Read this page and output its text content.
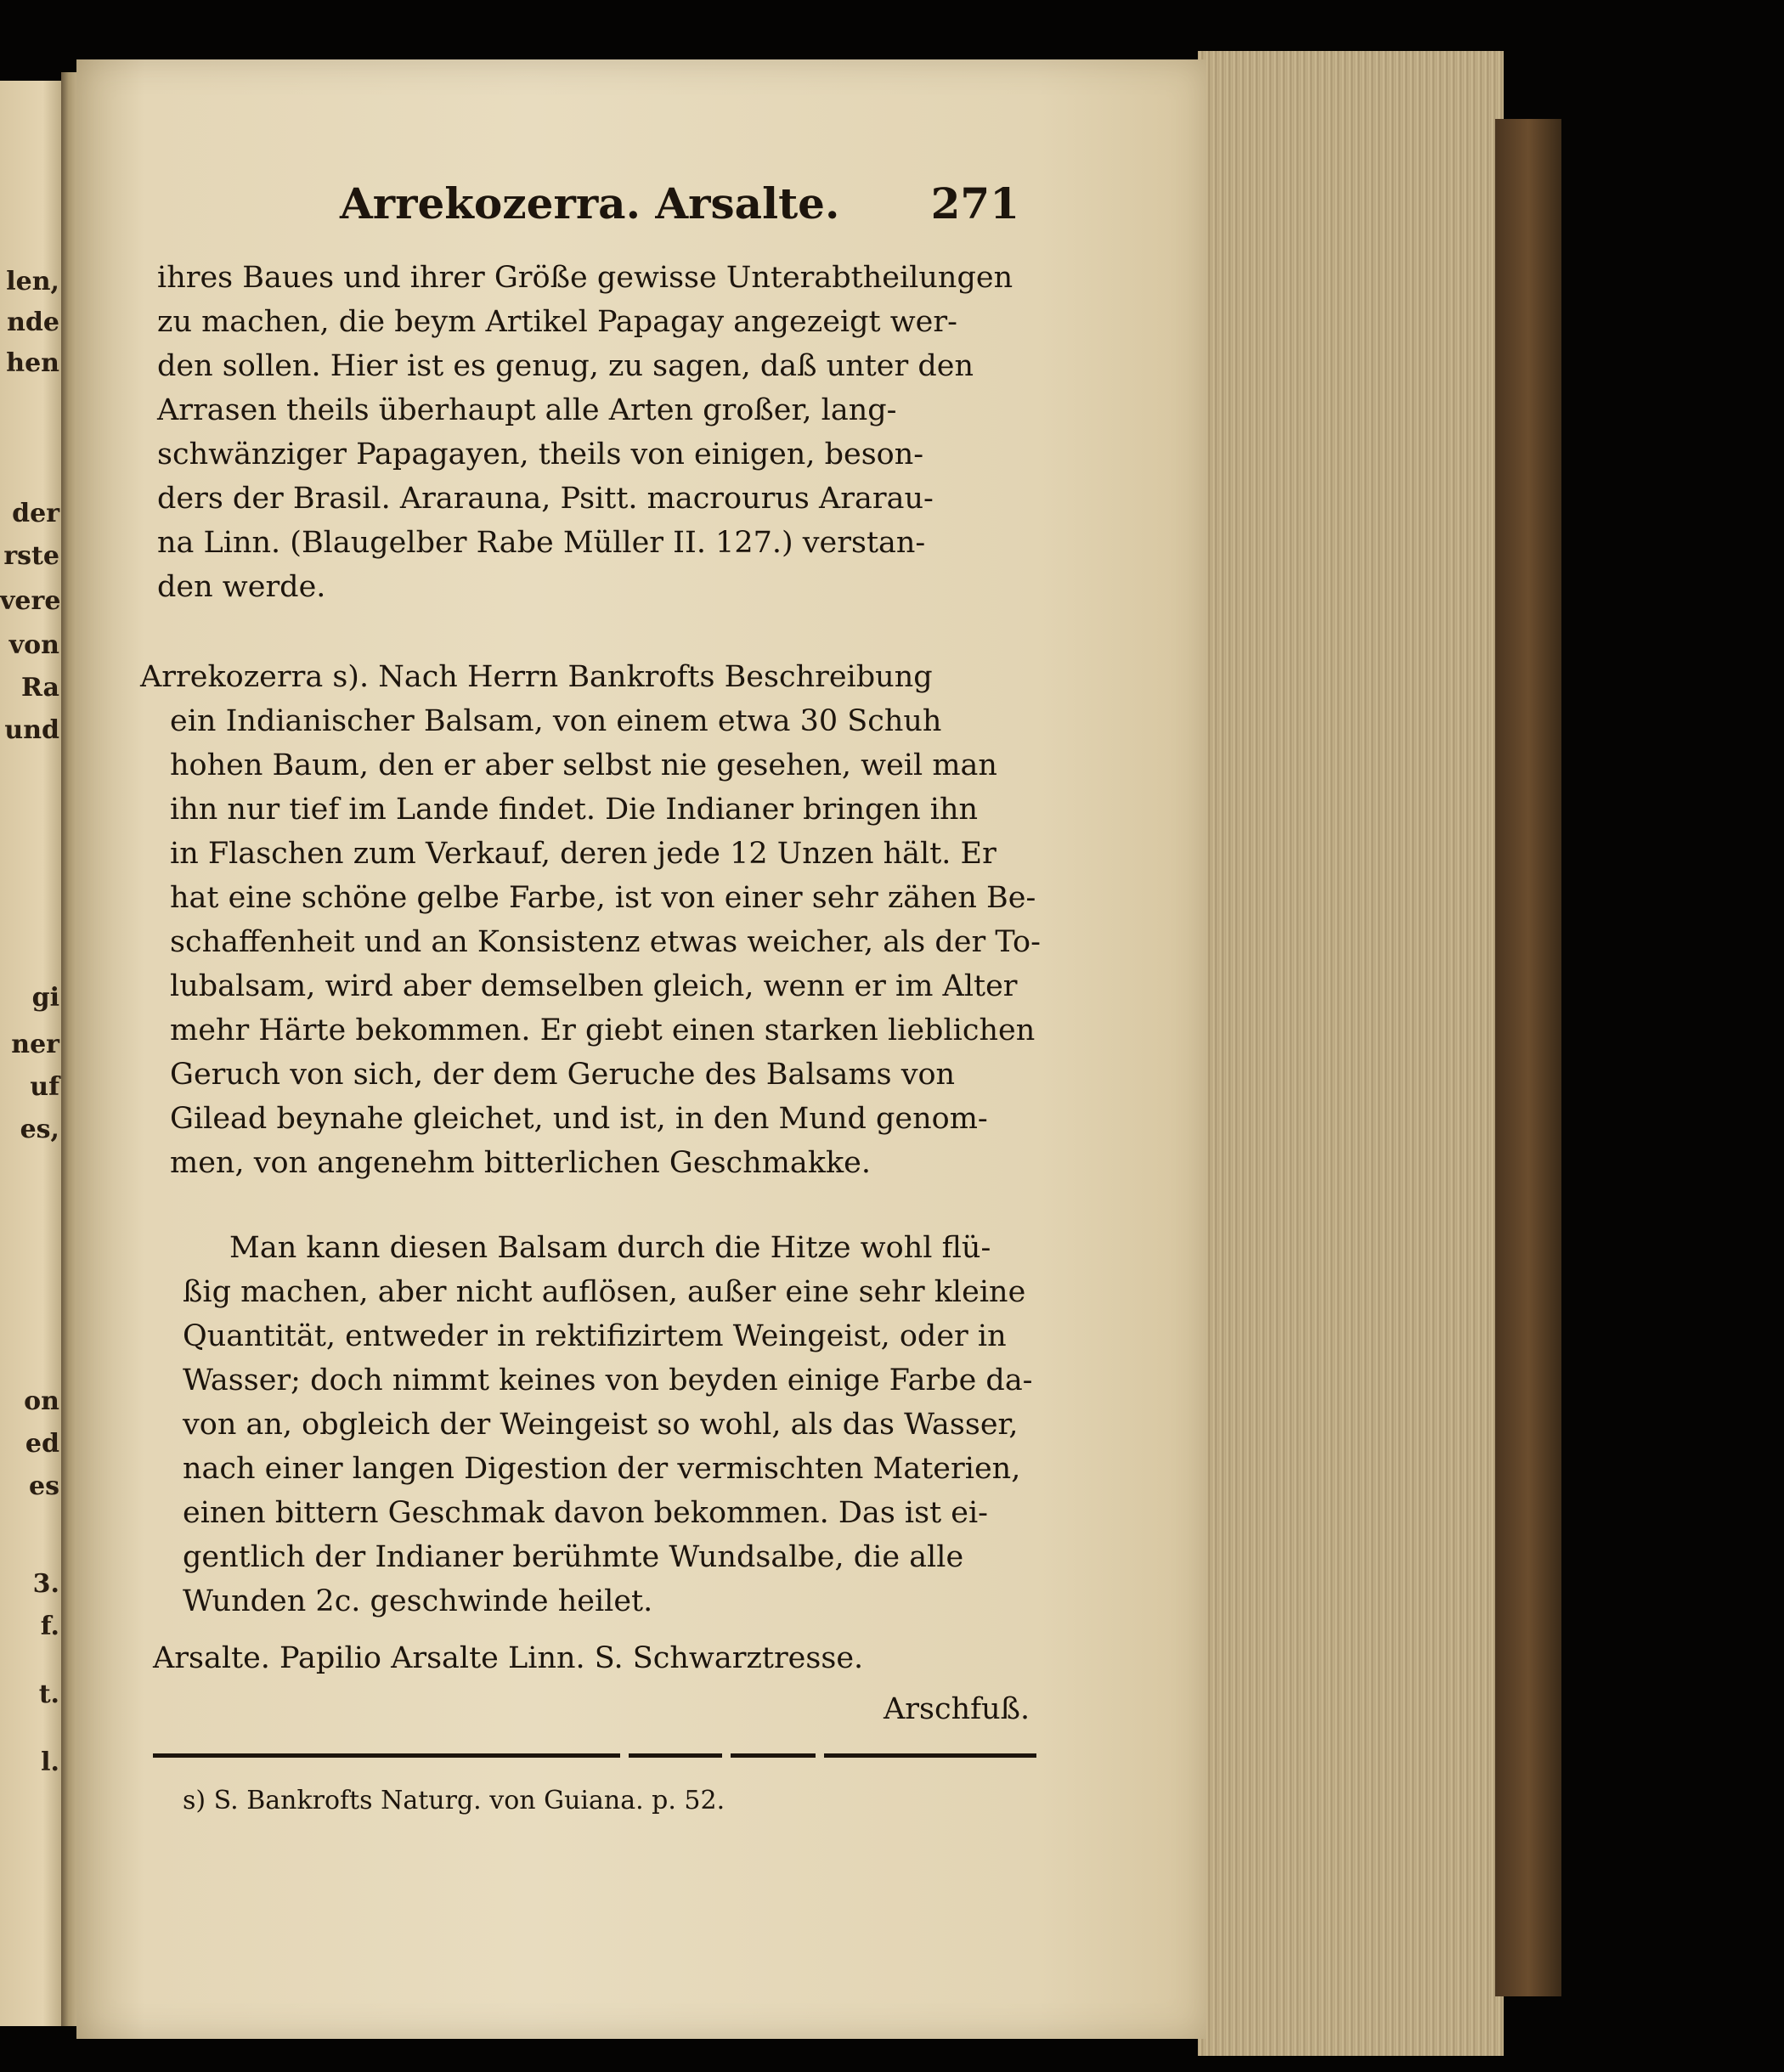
len,
nde
hen
der
rste
vere
von
Ra
und
gi
ner
uf
es,
on
ed
es
3.
f.
t.
l.
Arrekozerra. Arsalte. 271
ihres Baues und ihrer Größe gewisse Unterabtheilungen
zu machen, die beym Artikel Papagay angezeigt wer-
den sollen. Hier ist es genug, zu sagen, daß unter den
Arrasen theils überhaupt alle Arten großer, lang-
schwänziger Papagayen, theils von einigen, beson-
ders der Brasil. Ararauna, Psitt. macrourus Ararau-
na Linn. (Blaugelber Rabe Müller II. 127.) verstan-
den werde.
Arrekozerra s). Nach Herrn Bankrofts Beschreibung
ein Indianischer Balsam, von einem etwa 30 Schuh
hohen Baum, den er aber selbst nie gesehen, weil man
ihn nur tief im Lande findet. Die Indianer bringen ihn
in Flaschen zum Verkauf, deren jede 12 Unzen hält. Er
hat eine schöne gelbe Farbe, ist von einer sehr zähen Be-
schaffenheit und an Konsistenz etwas weicher, als der To-
lubalsam, wird aber demselben gleich, wenn er im Alter
mehr Härte bekommen. Er giebt einen starken lieblichen
Geruch von sich, der dem Geruche des Balsams von
Gilead beynahe gleichet, und ist, in den Mund genom-
men, von angenehm bitterlichen Geschmakke.
Man kann diesen Balsam durch die Hitze wohl flü-
ßig machen, aber nicht auflösen, außer eine sehr kleine
Quantität, entweder in rektifizirtem Weingeist, oder in
Wasser; doch nimmt keines von beyden einige Farbe da-
von an, obgleich der Weingeist so wohl, als das Wasser,
nach einer langen Digestion der vermischten Materien,
einen bittern Geschmak davon bekommen. Das ist ei-
gentlich der Indianer berühmte Wundsalbe, die alle
Wunden 2c. geschwinde heilet.
Arsalte. Papilio Arsalte Linn. S. Schwarztresse.
Arschfuß.
s) S. Bankrofts Naturg. von Guiana. p. 52.
